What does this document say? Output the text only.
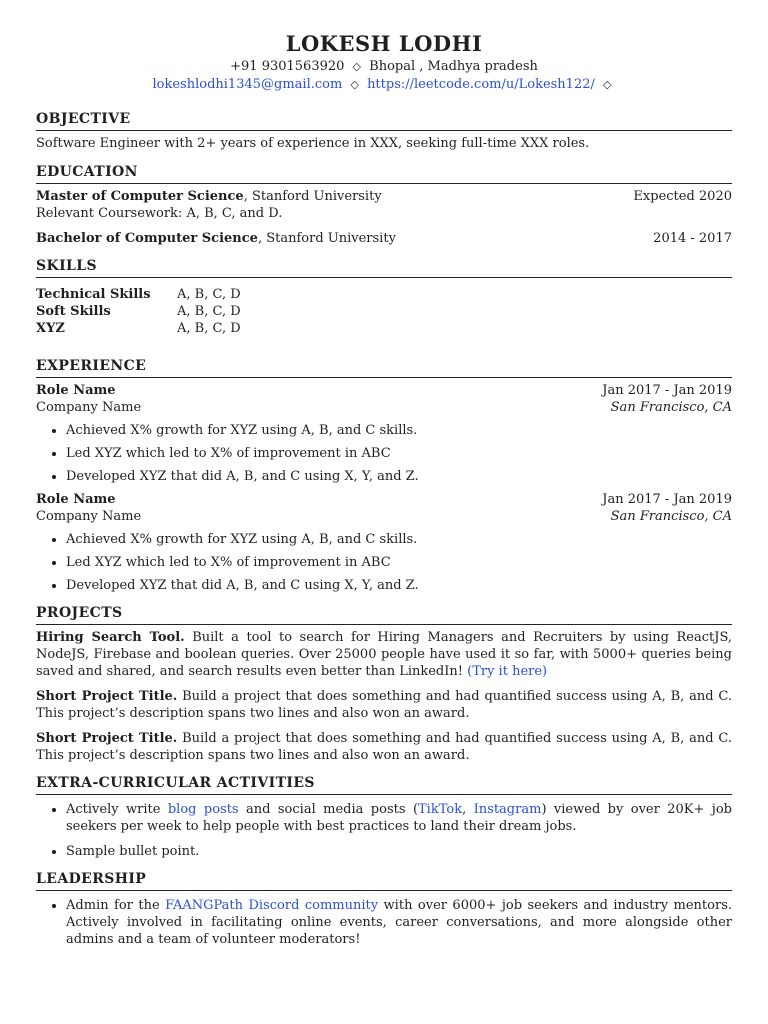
LOKESH LODHI
+91 9301563920 ◇ Bhopal , Madhya pradesh
lokeshlodhi1345@gmail.com ◇ https://leetcode.com/u/Lokesh122/ ◇
OBJECTIVE
Software Engineer with 2+ years of experience in XXX, seeking full-time XXX roles.
EDUCATION
Master of Computer Science, Stanford University	Expected 2020
Relevant Coursework: A, B, C, and D.
Bachelor of Computer Science, Stanford University	2014 - 2017
SKILLS
Technical Skills	A, B, C, D
Soft Skills	A, B, C, D
XYZ	A, B, C, D
EXPERIENCE
Role Name	Jan 2017 - Jan 2019
Company Name	San Francisco, CA
• Achieved X% growth for XYZ using A, B, and C skills.
• Led XYZ which led to X% of improvement in ABC
• Developed XYZ that did A, B, and C using X, Y, and Z.
Role Name	Jan 2017 - Jan 2019
Company Name	San Francisco, CA
• Achieved X% growth for XYZ using A, B, and C skills.
• Led XYZ which led to X% of improvement in ABC
• Developed XYZ that did A, B, and C using X, Y, and Z.
PROJECTS
Hiring Search Tool. Built a tool to search for Hiring Managers and Recruiters by using ReactJS, NodeJS, Firebase and boolean queries. Over 25000 people have used it so far, with 5000+ queries being saved and shared, and search results even better than LinkedIn! (Try it here)
Short Project Title. Build a project that does something and had quantified success using A, B, and C. This project’s description spans two lines and also won an award.
Short Project Title. Build a project that does something and had quantified success using A, B, and C. This project’s description spans two lines and also won an award.
EXTRA-CURRICULAR ACTIVITIES
• Actively write blog posts and social media posts (TikTok, Instagram) viewed by over 20K+ job seekers per week to help people with best practices to land their dream jobs.
• Sample bullet point.
LEADERSHIP
• Admin for the FAANGPath Discord community with over 6000+ job seekers and industry mentors. Actively involved in facilitating online events, career conversations, and more alongside other admins and a team of volunteer moderators!
